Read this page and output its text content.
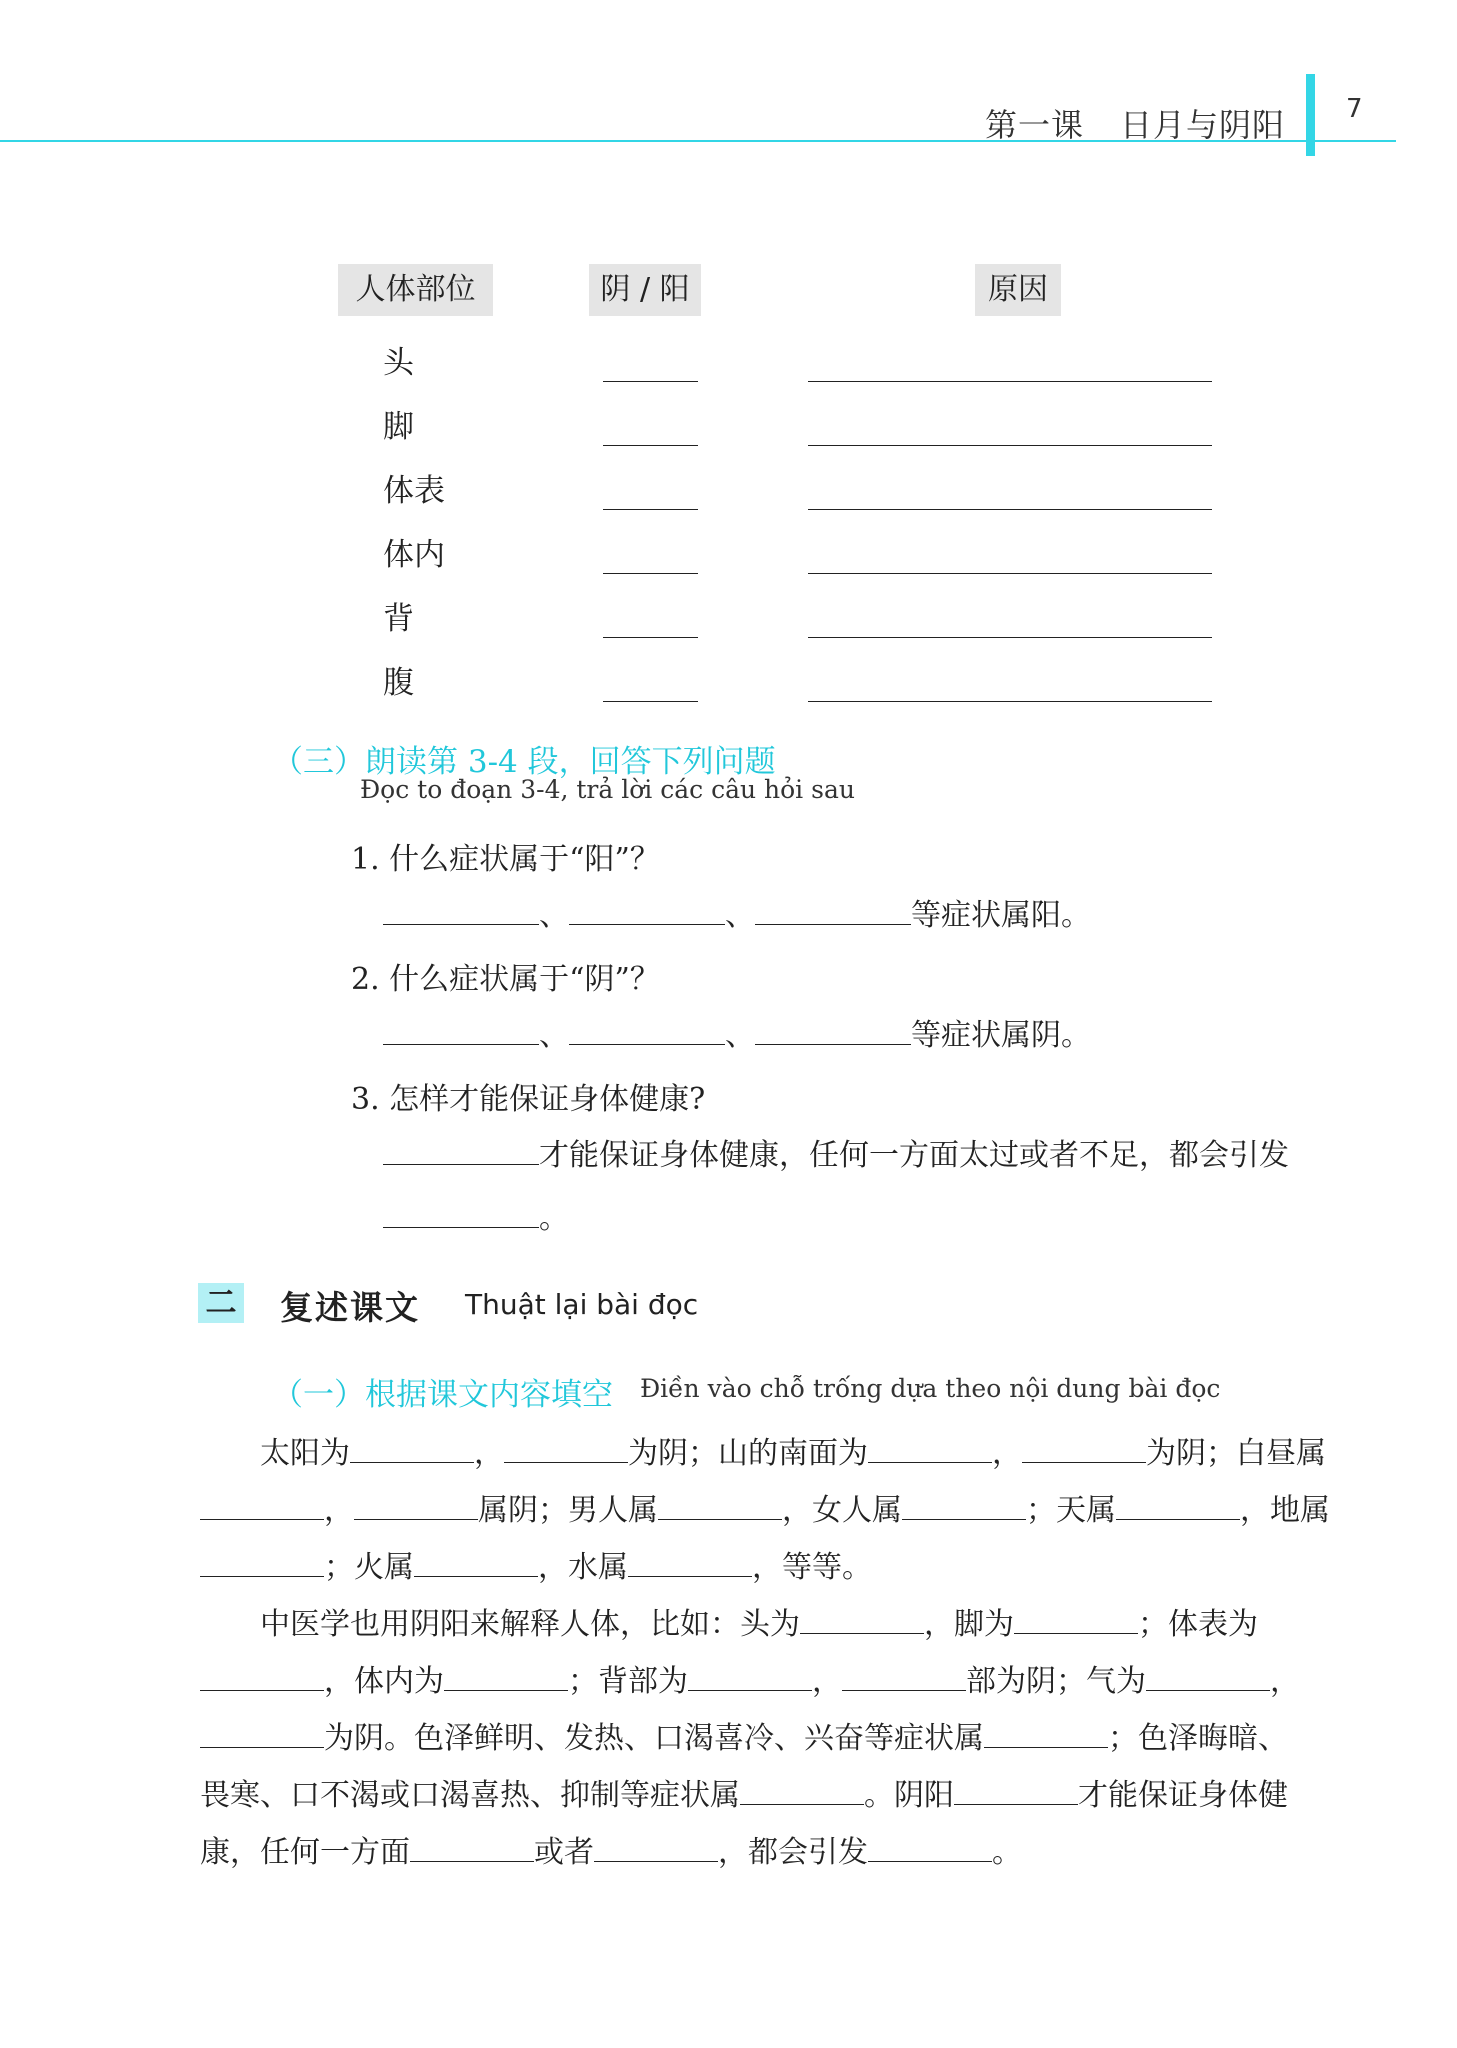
第一课 日月与阴阳 7
人体部位	阴 / 阳	原因
头
脚
体表
体内
背
腹
（三）朗读第 3-4 段，回答下列问题
Đọc to đoạn 3-4, trả lời các câu hỏi sau
1. 什么症状属于“阳”？
、	、	等症状属阳。
2. 什么症状属于“阴”？
、	、	等症状属阴。
3. 怎样才能保证身体健康?
才能保证身体健康，任何一方面太过或者不足，都会引发
。
二 复述课文 Thuật lại bài đọc
（一）根据课文内容填空 Điền vào chỗ trống dựa theo nội dung bài đọc
太阳为	，	为阴；山的南面为	，	为阴；白昼属
，	属阴；男人属	，女人属	；天属	，地属
；火属	，水属	，等等。
中医学也用阴阳来解释人体，比如：头为	，脚为	；体表为
，体内为	；背部为	，	部为阴；气为	，
为阴。色泽鲜明、发热、口渴喜冷、兴奋等症状属	；色泽晦暗、
畏寒、口不渴或口渴喜热、抑制等症状属	。阴阳	才能保证身体健
康，任何一方面	或者	，都会引发	。
